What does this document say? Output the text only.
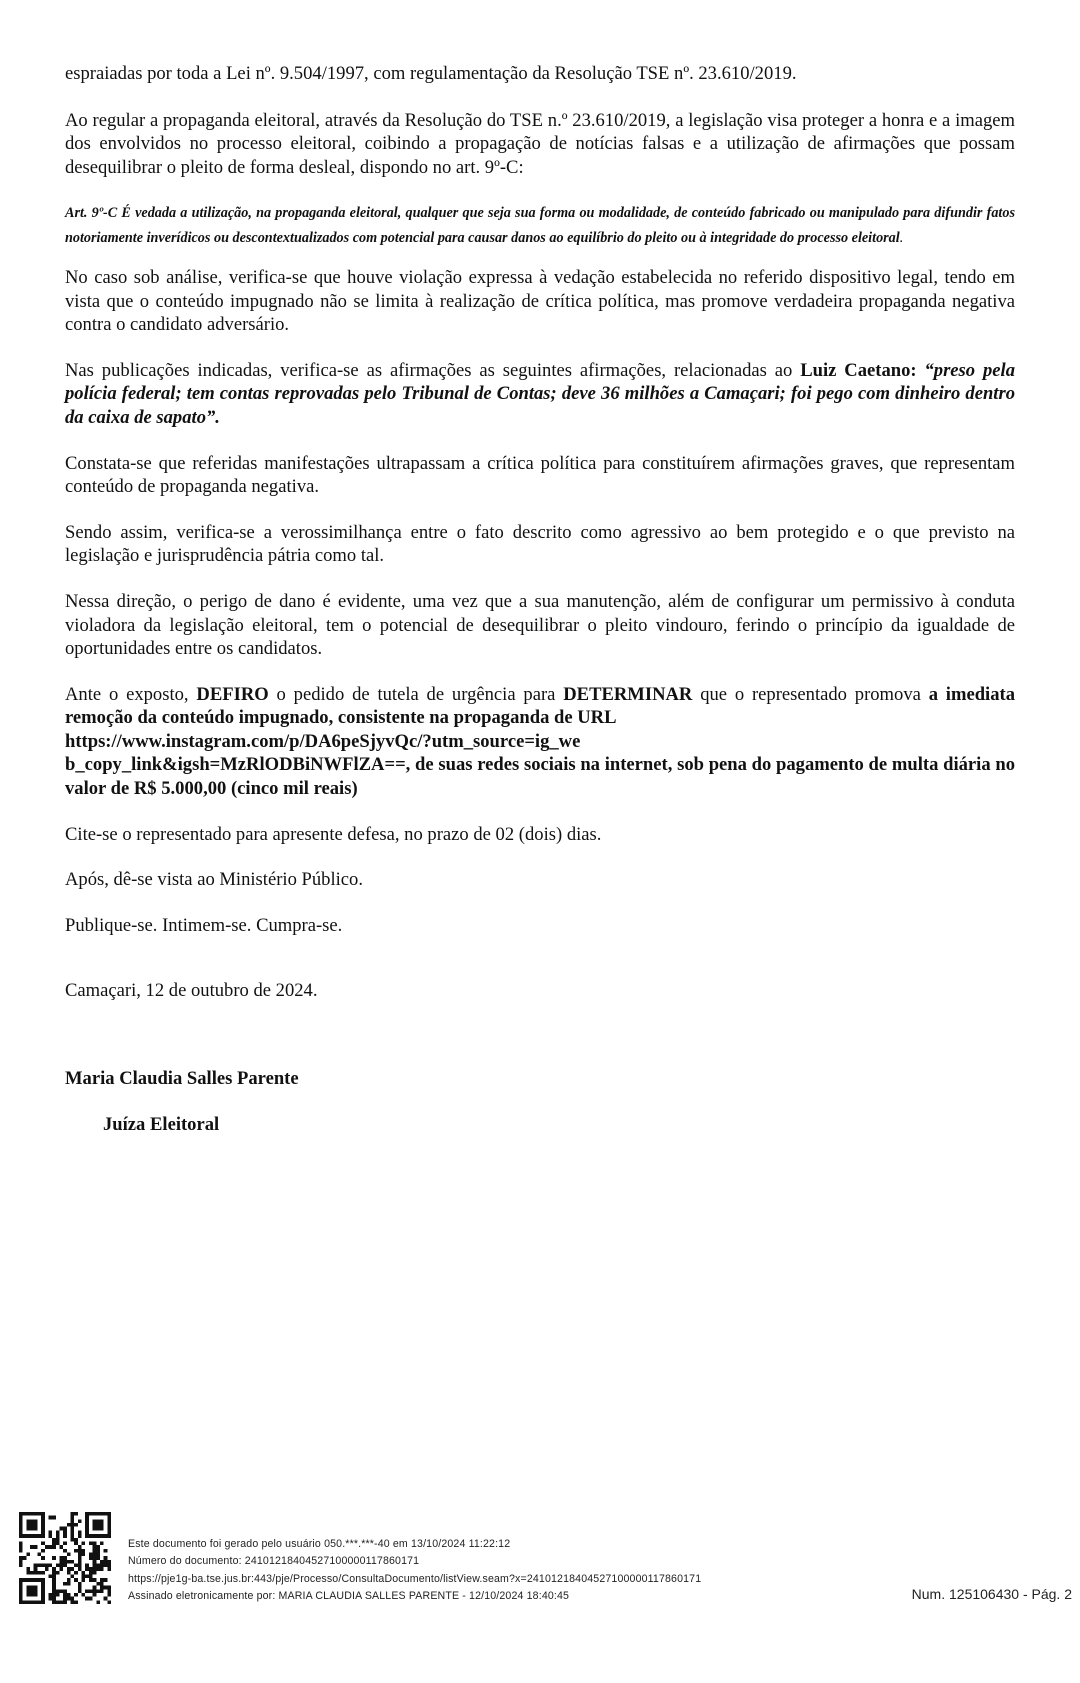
espraiadas por toda a Lei nº. 9.504/1997, com regulamentação da Resolução TSE nº. 23.610/2019.

Ao regular a propaganda eleitoral, através da Resolução do TSE n.º 23.610/2019, a legislação visa proteger a honra e a imagem dos envolvidos no processo eleitoral, coibindo a propagação de notícias falsas e a utilização de afirmações que possam desequilibrar o pleito de forma desleal, dispondo no art. 9º-C:

Art. 9º-C É vedada a utilização, na propaganda eleitoral, qualquer que seja sua forma ou modalidade, de conteúdo fabricado ou manipulado para difundir fatos notoriamente inverídicos ou descontextualizados com potencial para causar danos ao equilíbrio do pleito ou à integridade do processo eleitoral.

No caso sob análise, verifica-se que houve violação expressa à vedação estabelecida no referido dispositivo legal, tendo em vista que o conteúdo impugnado não se limita à realização de crítica política, mas promove verdadeira propaganda negativa contra o candidato adversário.

Nas publicações indicadas, verifica-se as afirmações as seguintes afirmações, relacionadas ao Luiz Caetano: “preso pela polícia federal; tem contas reprovadas pelo Tribunal de Contas; deve 36 milhões a Camaçari; foi pego com dinheiro dentro da caixa de sapato”.

Constata-se que referidas manifestações ultrapassam a crítica política para constituírem afirmações graves, que representam conteúdo de propaganda negativa.

Sendo assim, verifica-se a verossimilhança entre o fato descrito como agressivo ao bem protegido e o que previsto na legislação e jurisprudência pátria como tal.

Nessa direção, o perigo de dano é evidente, uma vez que a sua manutenção, além de configurar um permissivo à conduta violadora da legislação eleitoral, tem o potencial de desequilibrar o pleito vindouro, ferindo o princípio da igualdade de oportunidades entre os candidatos.

Ante o exposto, DEFIRO o pedido de tutela de urgência para DETERMINAR que o representado promova a imediata remoção da conteúdo impugnado, consistente na propaganda de URL
https://www.instagram.com/p/DA6peSjyvQc/?utm_source=ig_we
b_copy_link&igsh=MzRlODBiNWFlZA==, de suas redes sociais na internet, sob pena do pagamento de multa diária no valor de R$ 5.000,00 (cinco mil reais)

Cite-se o representado para apresente defesa, no prazo de 02 (dois) dias.

Após, dê-se vista ao Ministério Público.

Publique-se. Intimem-se. Cumpra-se.

Camaçari, 12 de outubro de 2024.

Maria Claudia Salles Parente

Juíza Eleitoral

Este documento foi gerado pelo usuário 050.***.***-40 em 13/10/2024 11:22:12
Número do documento: 24101218404527100000117860171
https://pje1g-ba.tse.jus.br:443/pje/Processo/ConsultaDocumento/listView.seam?x=24101218404527100000117860171
Assinado eletronicamente por: MARIA CLAUDIA SALLES PARENTE - 12/10/2024 18:40:45	Num. 125106430 - Pág. 2
